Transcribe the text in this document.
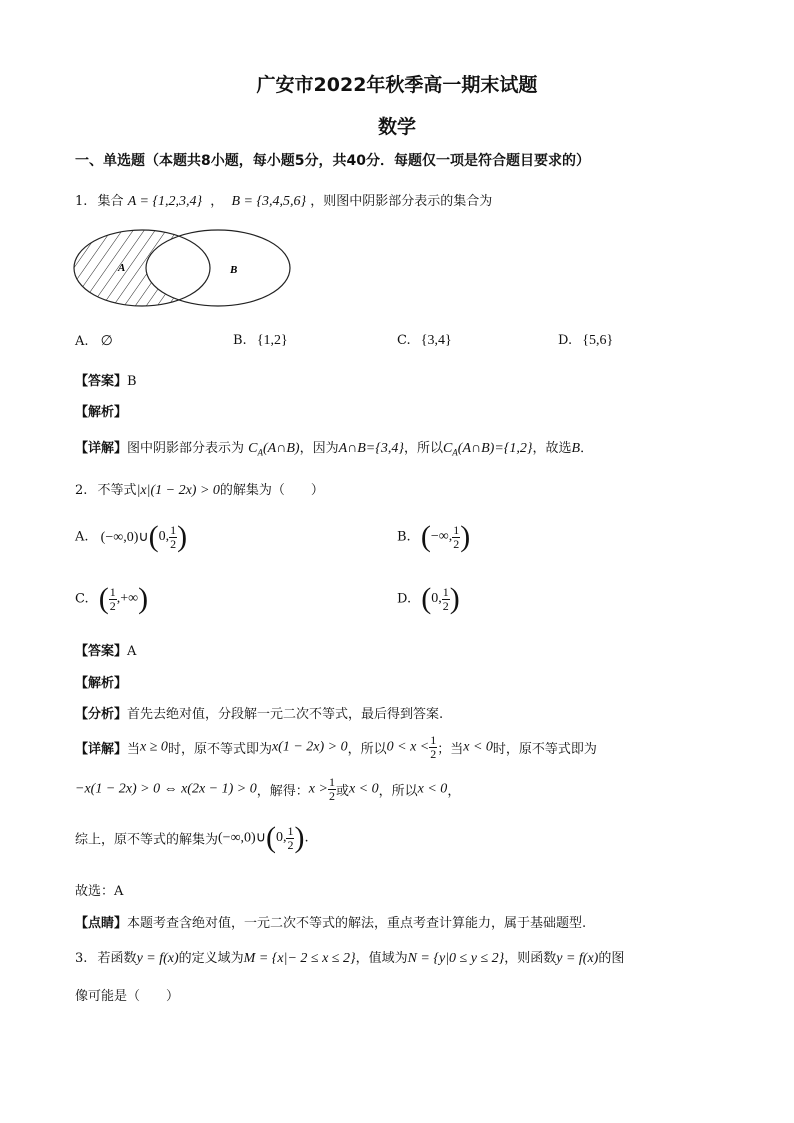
广安市2022年秋季高一期末试题
数学
一、单选题（本题共8小题，每小题5分，共40分．每题仅一项是符合题目要求的）
1. 集合 A = {1,2,3,4} ， B = {3,4,5,6} ，则图中阴影部分表示的集合为
A	B
A. ∅	B. {1,2}	C. {3,4}	D. {5,6}
【答案】B
【解析】
【详解】图中阴影部分表示为 $C_A(A\cap B)$，因为A∩B={3,4}，所以$C_A(A\cap B)=\{1,2\}$，故选B．
2. 不等式|x|(1 − 2x) > 0的解集为（　　）
A. (−∞,0)∪(0, $\frac{1}{2}$ )	B. (−∞, $\frac{1}{2}$ )
C. ( $\frac{1}{2}$ ,+∞)	D. (0, $\frac{1}{2}$ )
【答案】A
【解析】
【分析】首先去绝对值，分段解一元二次不等式，最后得到答案.
【详解】当x ≥ 0时，原不等式即为x(1 − 2x) > 0，所以$0 < x < \frac{1}{2}$ ；当x < 0时，原不等式即为
−x(1 − 2x) > 0 ⇔ x(2x − 1) > 0，解得：$x > \frac{1}{2}$ 或x < 0，所以x < 0，
综上，原不等式的解集为(−∞,0)∪(0, $\frac{1}{2}$ ).
故选：A
【点睛】本题考查含绝对值，一元二次不等式的解法，重点考查计算能力，属于基础题型.
3. 若函数y = f(x)的定义域为M = {x|− 2 ≤ x ≤ 2}，值域为N = {y|0 ≤ y ≤ 2}，则函数y = f(x)的图
像可能是（　　）
